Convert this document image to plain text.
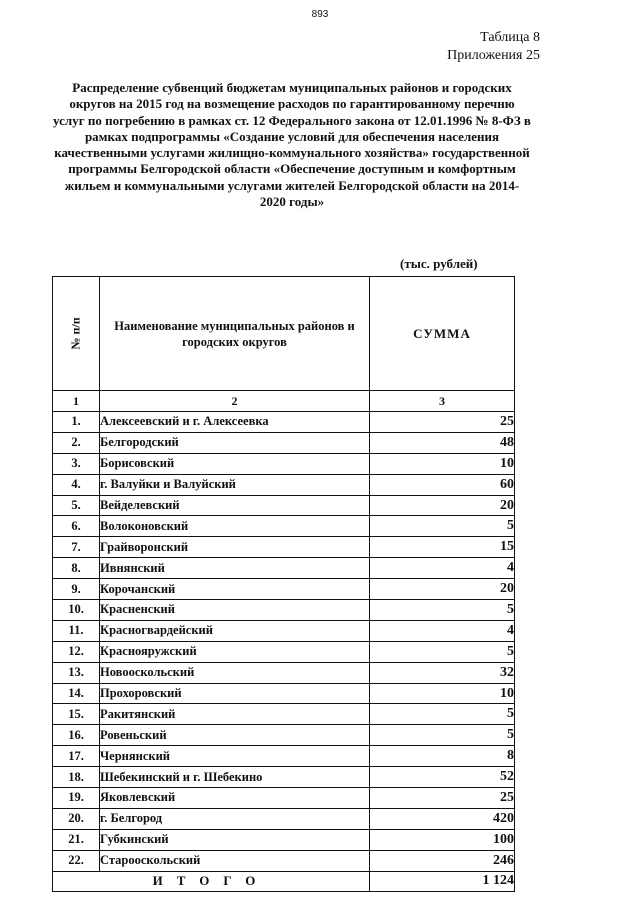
893
Таблица 8
Приложения 25
Распределение субвенций бюджетам муниципальных районов и городских округов на 2015 год на возмещение расходов по гарантированному перечню услуг по погребению в рамках ст. 12 Федерального закона от 12.01.1996 № 8-ФЗ в рамках подпрограммы «Создание условий для обеспечения населения качественными услугами жилищно-коммунального хозяйства» государственной программы Белгородской области «Обеспечение доступным и комфортным жильем и коммунальными услугами жителей Белгородской области на 2014-2020 годы»
(тыс. рублей)
№ п/п	Наименование муниципальных районов и городских округов	СУММА
1	2	3
1.	Алексеевский и г. Алексеевка	25
2.	Белгородский	48
3.	Борисовский	10
4.	г. Валуйки и Валуйский	60
5.	Вейделевский	20
6.	Волоконовский	5
7.	Грайворонский	15
8.	Ивнянский	4
9.	Корочанский	20
10.	Красненский	5
11.	Красногвардейский	4
12.	Краснояружский	5
13.	Новооскольский	32
14.	Прохоровский	10
15.	Ракитянский	5
16.	Ровеньский	5
17.	Чернянский	8
18.	Шебекинский и г. Шебекино	52
19.	Яковлевский	25
20.	г. Белгород	420
21.	Губкинский	100
22.	Старооскольский	246
ИТОГО		1 124
